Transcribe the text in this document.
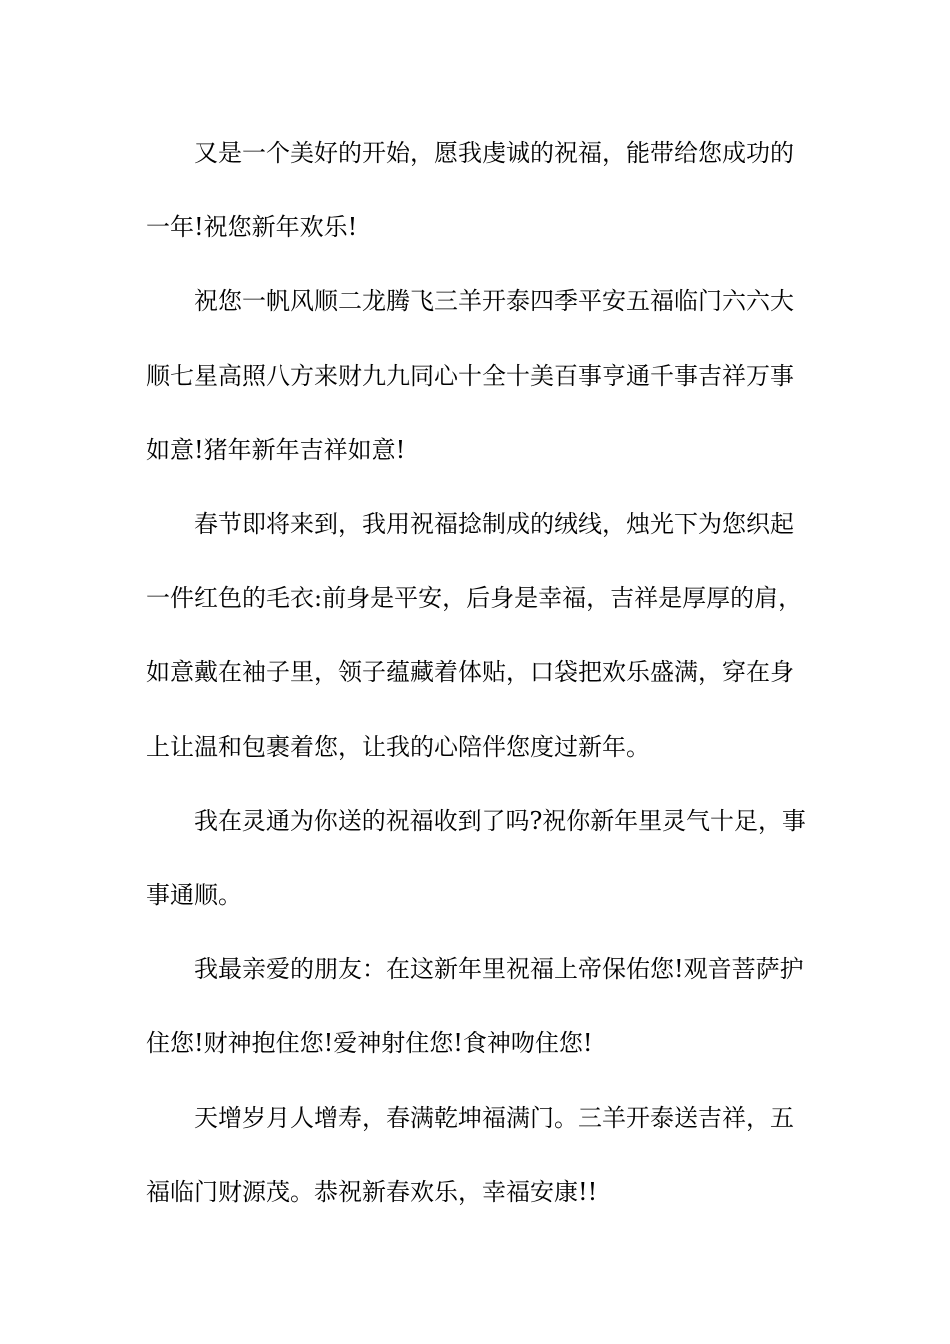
又是一个美好的开始，愿我虔诚的祝福，能带给您成功的

一年!祝您新年欢乐!

祝您一帆风顺二龙腾飞三羊开泰四季平安五福临门六六大

顺七星高照八方来财九九同心十全十美百事亨通千事吉祥万事

如意!猪年新年吉祥如意!

春节即将来到，我用祝福捻制成的绒线，烛光下为您织起

一件红色的毛衣:前身是平安，后身是幸福，吉祥是厚厚的肩，

如意戴在袖子里，领子蕴藏着体贴，口袋把欢乐盛满，穿在身

上让温和包裹着您，让我的心陪伴您度过新年。

我在灵通为你送的祝福收到了吗?祝你新年里灵气十足，事

事通顺。

我最亲爱的朋友：在这新年里祝福上帝保佑您!观音菩萨护

住您!财神抱住您!爱神射住您!食神吻住您!

天增岁月人增寿，春满乾坤福满门。三羊开泰送吉祥，五

福临门财源茂。恭祝新春欢乐，幸福安康!!
